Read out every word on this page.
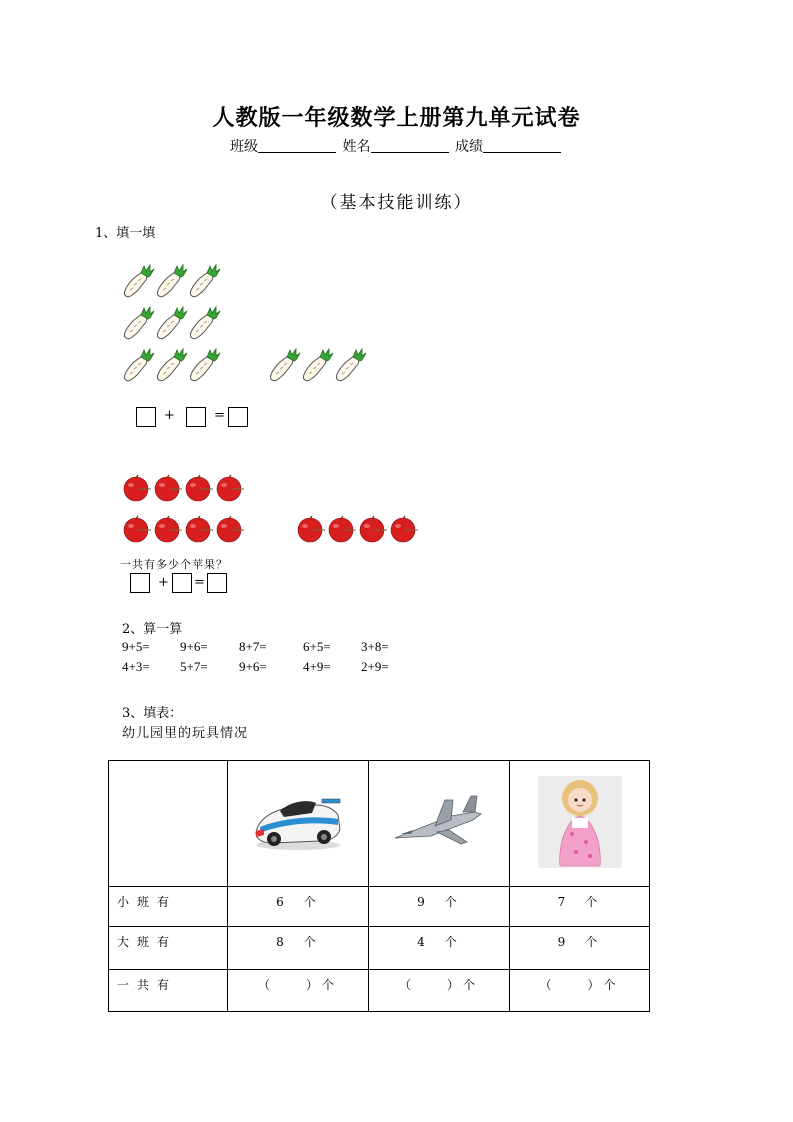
人教版一年级数学上册第九单元试卷
班级	姓名	成绩
（基本技能训练）
1、填一填
+	=
一共有多少个苹果？
+ =
2、算一算
9+5= 9+6= 8+7=	6+5= 3+8=
4+3= 5+7= 9+6=	4+9= 2+9=
3、填表：
幼儿园里的玩具情况

小班有	6　个	9　个	7　个
大班有	8　个	4　个	9　个
一共有	（　　）个	（　　）个	（　　）个
